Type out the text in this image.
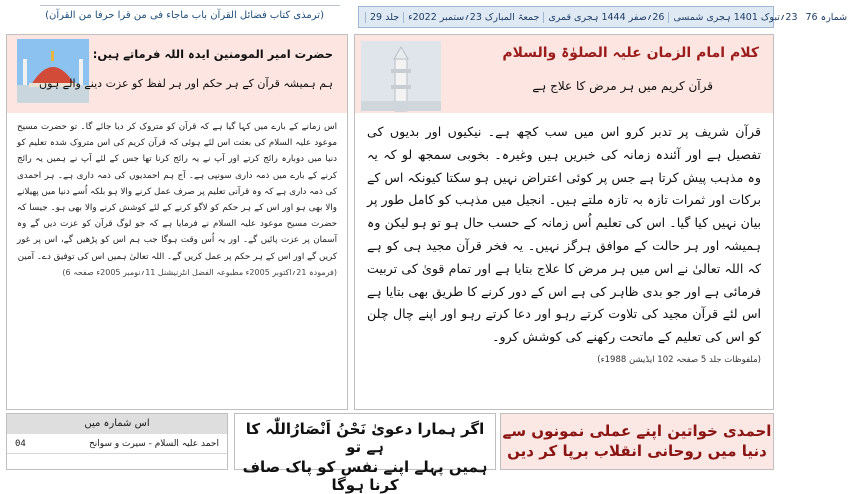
(ترمذی کتاب فضائل القرآن باب ماجاء فی من قرا حرفا من القرآن)	جلد 29 جمعۃ المبارک 23؍ستمبر 2022ء 26؍صفر 1444 ہجری قمری 23؍تبوک 1401 ہجری شمسی شمارہ 76
حضرت امیر المومنین ایدہ اللہ فرماتے ہیں:
ہم ہمیشہ قرآن کے ہر حکم اور ہر لفظ کو عزت دینے والے ہوں

اس زمانے کے بارے میں کہا گیا ہے کہ قرآن کو متروک کر دیا جائے گا۔ تو حضرت مسیح موعود علیہ السلام کی بعثت اس لئے ہوئی کہ قرآن کریم کی اس متروک شدہ تعلیم کو دنیا میں دوبارہ رائج کرتے اور آپ نے یہ رائج کرنا تھا جس کے لئے آپ نے ہمیں یہ رائج کرنے کے بارے میں ذمہ داری سونپی ہے۔ آج ہم احمدیوں کی ذمہ داری ہے۔ ہر احمدی کی ذمہ داری ہے کہ وہ قرآنی تعلیم پر صرف عمل کرنے والا ہو بلکہ اُسے دنیا میں پھیلانے والا بھی ہو اور اس کے ہر حکم کو لاگو کرنے کے لئے کوشش کرنے والا بھی ہو۔ جیسا کہ حضرت مسیح موعود علیہ السلام نے فرمایا ہے کہ جو لوگ قرآن کو عزت دیں گے وہ آسمان پر عزت پائیں گے۔ اور یہ اُس وقت ہوگا جب ہم اس کو پڑھیں گے، اس پر غور کریں گے اور اس کے ہر حکم پر عمل کریں گے۔ اللہ تعالیٰ ہمیں اس کی توفیق دے۔ آمین

(فرمودہ 21؍اکتوبر 2005ء مطبوعہ الفضل انٹرنیشنل 11؍نومبر 2005ء صفحہ 6)

کلام امام الزمان علیہ الصلوٰۃ والسلام
قرآن کریم میں ہر مرض کا علاج ہے

قرآن شریف پر تدبر کرو اس میں سب کچھ ہے۔ نیکیوں اور بدیوں کی تفصیل ہے اور آئندہ زمانہ کی خبریں ہیں وغیرہ۔ بخوبی سمجھ لو کہ یہ وہ مذہب پیش کرتا ہے جس پر کوئی اعتراض نہیں ہو سکتا کیونکہ اس کے برکات اور ثمرات تازہ بہ تازہ ملتے ہیں۔ انجیل میں مذہب کو کامل طور پر بیان نہیں کیا گیا۔ اس کی تعلیم اُس زمانہ کے حسب حال ہو تو ہو لیکن وہ ہمیشہ اور ہر حالت کے موافق ہرگز نہیں۔ یہ فخر قرآن مجید ہی کو ہے کہ اللہ تعالیٰ نے اس میں ہر مرض کا علاج بتایا ہے اور تمام قویٰ کی تربیت فرمائی ہے اور جو بدی ظاہر کی ہے اس کے دور کرنے کا طریق بھی بتایا ہے اس لئے قرآن مجید کی تلاوت کرتے رہو اور دعا کرتے رہو اور اپنے چال چلن کو اس کی تعلیم کے ماتحت رکھنے کی کوشش کرو۔

(ملفوظات جلد 5 صفحہ 102 ایڈیشن 1988ء)

اس شمارہ میں
04	احمد علیہ السلام - سیرت و سوانح
اگر ہمارا دعویٰ نَحْنُ اَنْصَارُاللّٰہ کا ہے تو
ہمیں پہلے اپنے نفس کو پاک صاف کرنا ہوگا
احمدی خواتین اپنے عملی نمونوں سے
دنیا میں روحانی انقلاب برپا کر دیں
